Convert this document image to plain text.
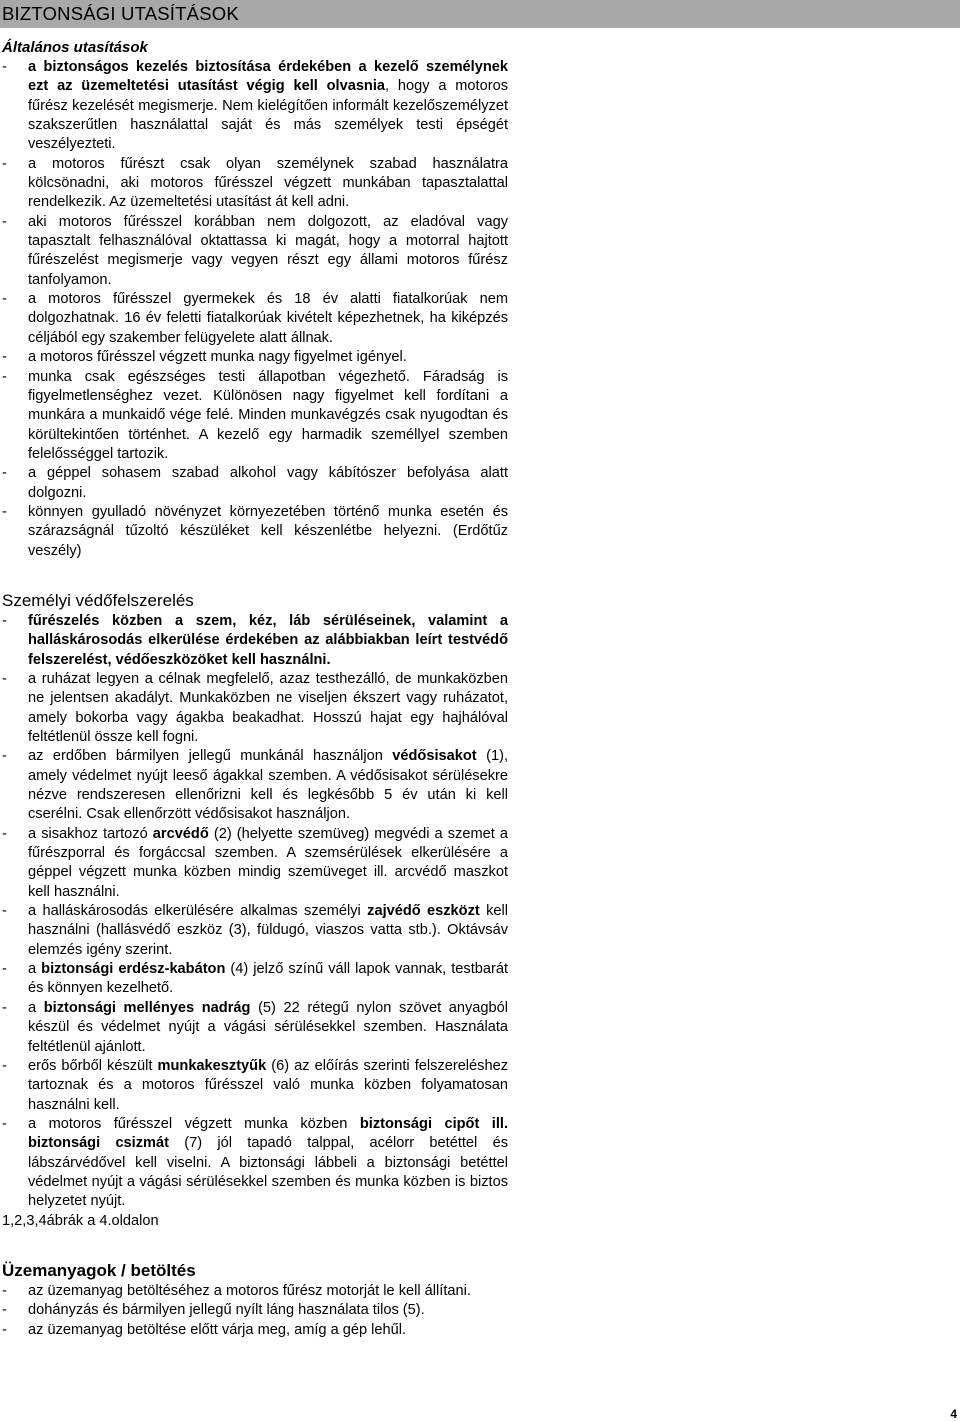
BIZTONSÁGI UTASÍTÁSOK
Általános utasítások
- a biztonságos kezelés biztosítása érdekében a kezelő személynek ezt az üzemeltetési utasítást végig kell olvasnia, hogy a motoros fűrész kezelését megismerje. Nem kielégítően informált kezelőszemélyzet szakszerűtlen használattal saját és más személyek testi épségét veszélyezteti.
- a motoros fűrészt csak olyan személynek szabad használatra kölcsönadni, aki motoros fűrésszel végzett munkában tapasztalattal rendelkezik. Az üzemeltetési utasítást át kell adni.
- aki motoros fűrésszel korábban nem dolgozott, az eladóval vagy tapasztalt felhasználóval oktattassa ki magát, hogy a motorral hajtott fűrészelést megismerje vagy vegyen részt egy állami motoros fűrész tanfolyamon.
- a motoros fűrésszel gyermekek és 18 év alatti fiatalkorúak nem dolgozhatnak. 16 év feletti fiatalkorúak kivételt képezhetnek, ha kiképzés céljából egy szakember felügyelete alatt állnak.
- a motoros fűrésszel végzett munka nagy figyelmet igényel.
- munka csak egészséges testi állapotban végezhető. Fáradság is figyelmetlenséghez vezet. Különösen nagy figyelmet kell fordítani a munkára a munkaidő vége felé. Minden munkavégzés csak nyugodtan és körültekintően történhet. A kezelő egy harmadik személlyel szemben felelősséggel tartozik.
- a géppel sohasem szabad alkohol vagy kábítószer befolyása alatt dolgozni.
- könnyen gyulladó növényzet környezetében történő munka esetén és szárazságnál tűzoltó készüléket kell készenlétbe helyezni. (Erdőtűz veszély)
Személyi védőfelszerelés
- fűrészelés közben a szem, kéz, láb sérüléseinek, valamint a halláskárosodás elkerülése érdekében az alábbiakban leírt testvédő felszerelést, védőeszközöket kell használni.
- a ruházat legyen a célnak megfelelő, azaz testhezálló, de munkaközben ne jelentsen akadályt. Munkaközben ne viseljen ékszert vagy ruházatot, amely bokorba vagy ágakba beakadhat. Hosszú hajat egy hajhálóval feltétlenül össze kell fogni.
- az erdőben bármilyen jellegű munkánál használjon védősisakot (1), amely védelmet nyújt leeső ágakkal szemben. A védősisakot sérülésekre nézve rendszeresen ellenőrizni kell és legkésőbb 5 év után ki kell cserélni. Csak ellenőrzött védősisakot használjon.
- a sisakhoz tartozó arcvédő (2) (helyette szemüveg) megvédi a szemet a fűrészporral és forgáccsal szemben. A szemsérülések elkerülésére a géppel végzett munka közben mindig szemüveget ill. arcvédő maszkot kell használni.
- a halláskárosodás elkerülésére alkalmas személyi zajvédő eszközt kell használni (hallásvédő eszköz (3), füldugó, viaszos vatta stb.). Oktávsáv elemzés igény szerint.
- a biztonsági erdész-kabáton (4) jelző színű váll lapok vannak, testbarát és könnyen kezelhető.
- a biztonsági mellényes nadrág (5) 22 rétegű nylon szövet anyagból készül és védelmet nyújt a vágási sérülésekkel szemben. Használata feltétlenül ajánlott.
- erős bőrből készült munkakesztyűk (6) az előírás szerinti felszereléshez tartoznak és a motoros fűrésszel való munka közben folyamatosan használni kell.
- a motoros fűrésszel végzett munka közben biztonsági cipőt ill. biztonsági csizmát (7) jól tapadó talppal, acélorr betéttel és lábszárvédővel kell viselni. A biztonsági lábbeli a biztonsági betéttel védelmet nyújt a vágási sérülésekkel szemben és munka közben is biztos helyzetet nyújt.

1,2,3,4ábrák a 4.oldalon

Üzemanyagok / betöltés
- az üzemanyag betöltéséhez a motoros fűrész motorját le kell állítani.
- dohányzás és bármilyen jellegű nyílt láng használata tilos (5).
- az üzemanyag betöltése előtt várja meg, amíg a gép lehűl.
4
